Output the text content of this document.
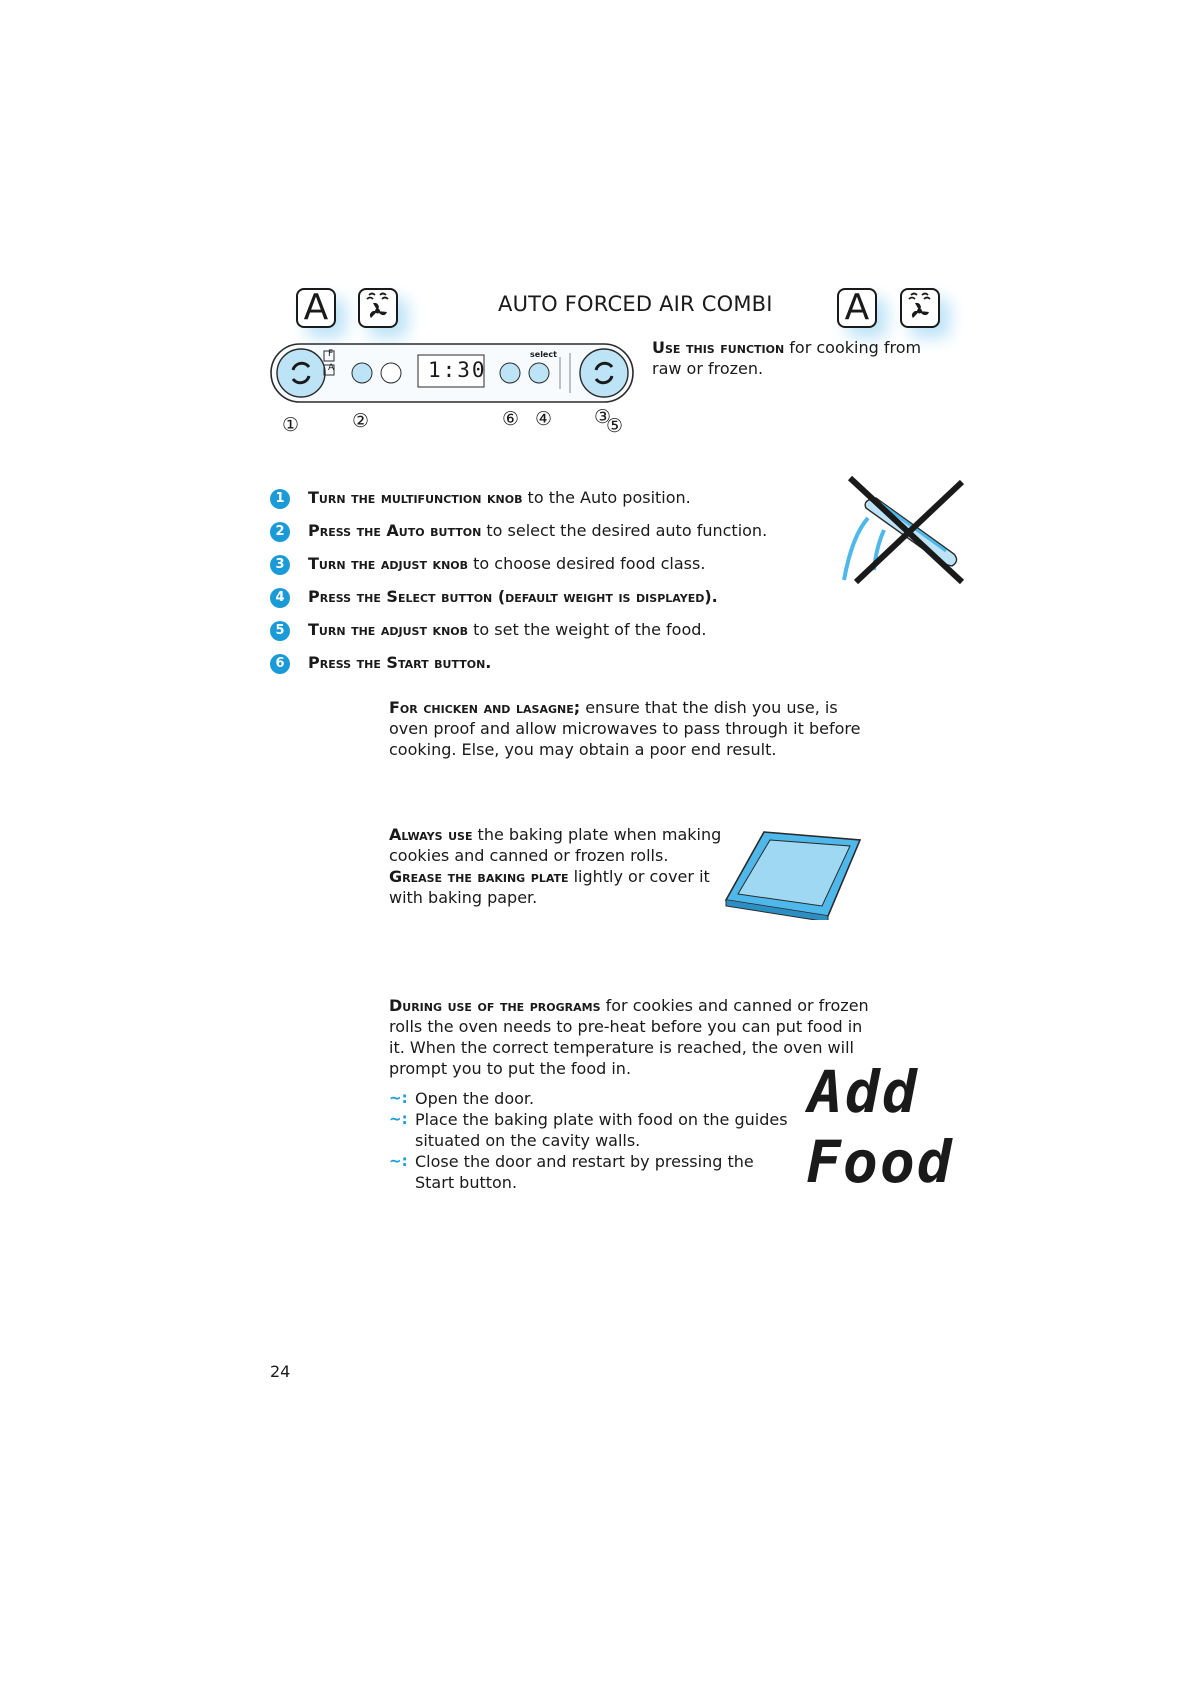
A	AUTO FORCED AIR COMBI A
Use this function for cooking from raw or frozen.
F
A	1:30
select
①	②	⑥ ④ ③
⑤
1	Turn the multifunction knob to the Auto position.
2	Press the Auto button to select the desired auto function.
3	Turn the adjust knob to choose desired food class.
4	Press the Select button (default weight is displayed).
5	Turn the adjust knob to set the weight of the food.
6	Press the Start button.
For chicken and lasagne; ensure that the dish you use, is oven proof and allow microwaves to pass through it before cooking. Else, you may obtain a poor end result.
Always use the baking plate when making cookies and canned or frozen rolls.
Grease the baking plate lightly or cover it with baking paper.
During use of the programs for cookies and canned or frozen rolls the oven needs to pre-heat before you can put food in it. When the correct temperature is reached, the oven will prompt you to put the food in.
~: Open the door.
~: Place the baking plate with food on the guides situated on the cavity walls.
~: Close the door and restart by pressing the Start button.
Add
Food
24
